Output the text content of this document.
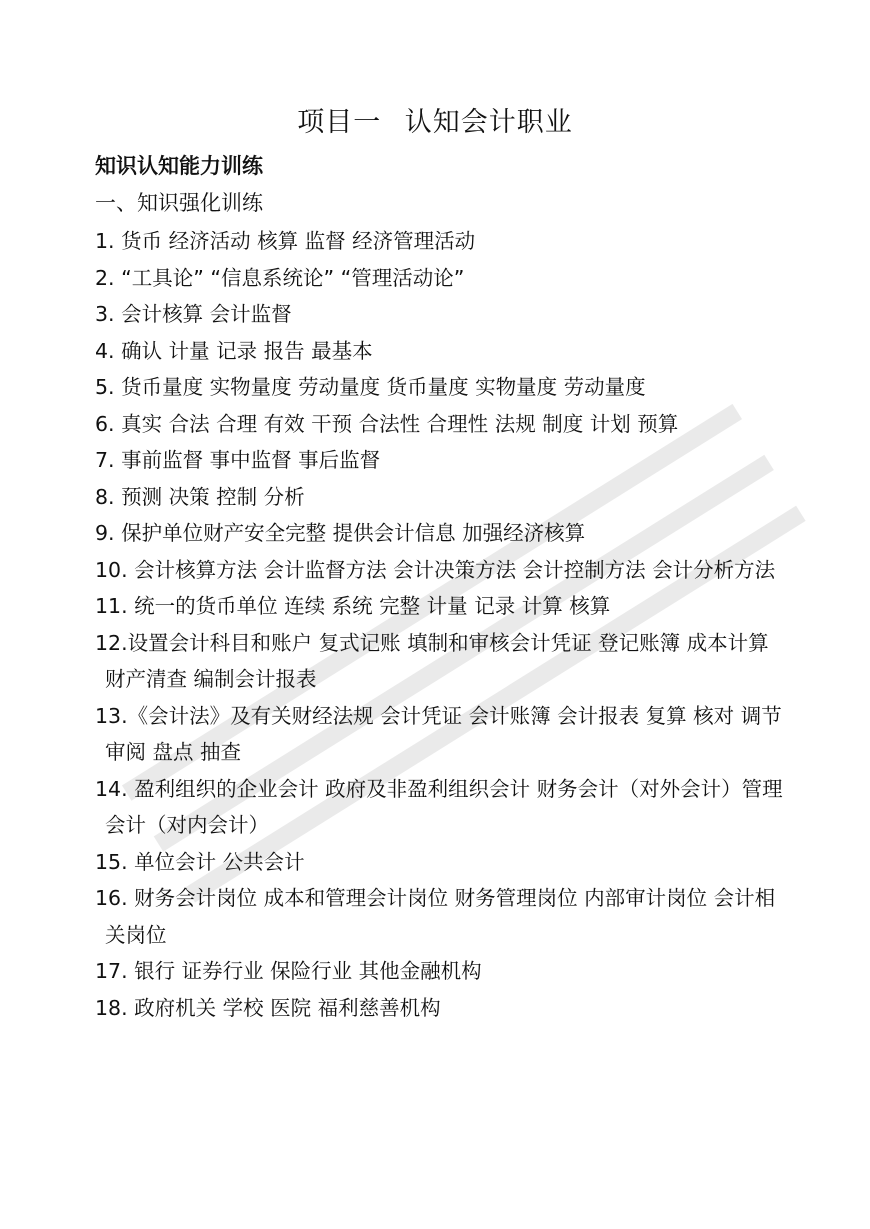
项目一 认知会计职业
知识认知能力训练
一、知识强化训练
1. 货币 经济活动 核算 监督 经济管理活动
2. “工具论” “信息系统论” “管理活动论”
3. 会计核算 会计监督
4. 确认 计量 记录 报告 最基本
5. 货币量度 实物量度 劳动量度 货币量度 实物量度 劳动量度
6. 真实 合法 合理 有效 干预 合法性 合理性 法规 制度 计划 预算
7. 事前监督 事中监督 事后监督
8. 预测 决策 控制 分析
9. 保护单位财产安全完整 提供会计信息 加强经济核算
10. 会计核算方法 会计监督方法 会计决策方法 会计控制方法 会计分析方法
11. 统一的货币单位 连续 系统 完整 计量 记录 计算 核算
12.设置会计科目和账户 复式记账 填制和审核会计凭证 登记账簿 成本计算 财产清查 编制会计报表
13.《会计法》及有关财经法规 会计凭证 会计账簿 会计报表 复算 核对 调节 审阅 盘点 抽查
14. 盈利组织的企业会计 政府及非盈利组织会计 财务会计（对外会计）管理会计（对内会计）
15. 单位会计 公共会计
16. 财务会计岗位 成本和管理会计岗位 财务管理岗位 内部审计岗位 会计相关岗位
17. 银行 证券行业 保险行业 其他金融机构
18. 政府机关 学校 医院 福利慈善机构
